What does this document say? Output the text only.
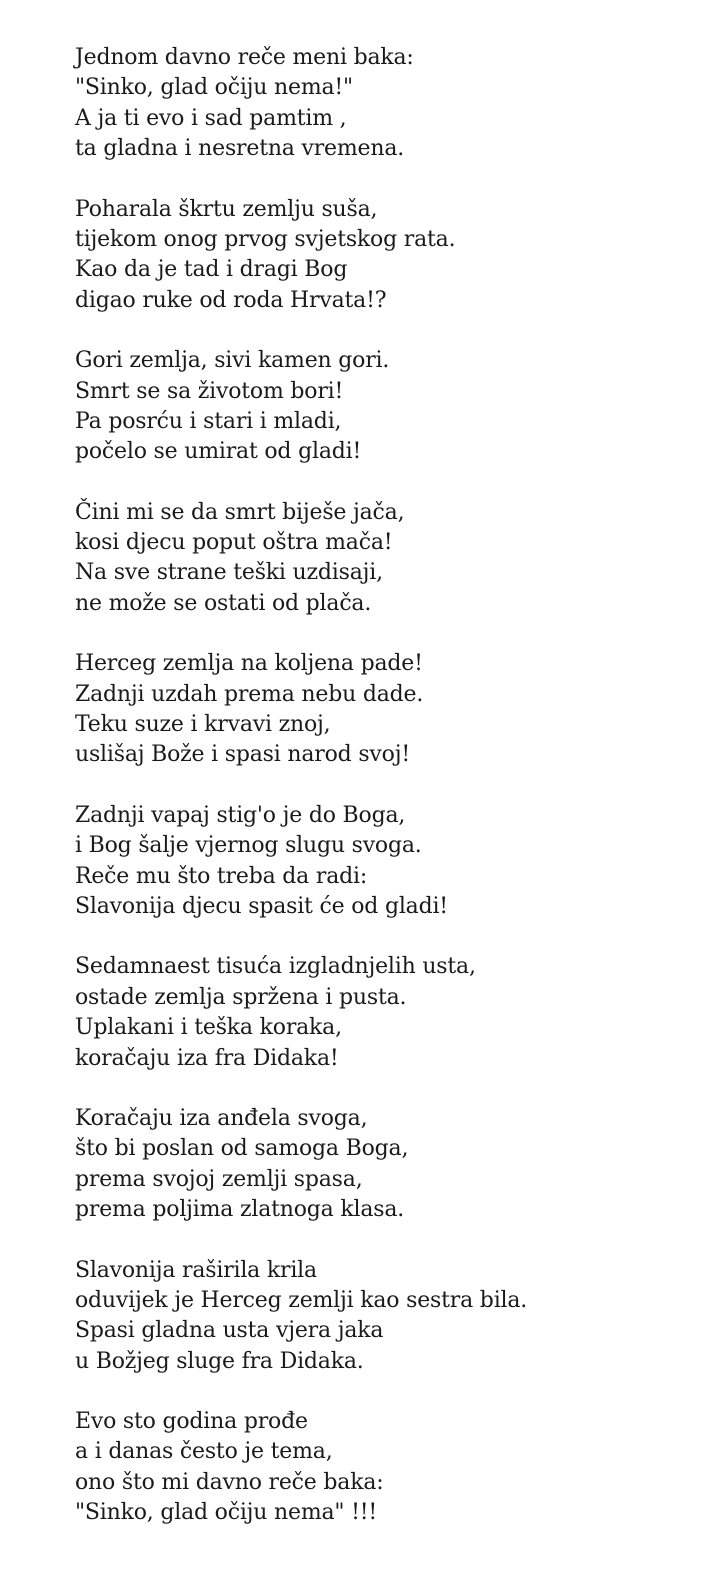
Jednom davno reče meni baka:
"Sinko, glad očiju nema!"
A ja ti evo i sad pamtim ,
ta gladna i nesretna vremena.
Poharala škrtu zemlju suša,
tijekom onog prvog svjetskog rata.
Kao da je tad i dragi Bog
digao ruke od roda Hrvata!?
Gori zemlja, sivi kamen gori.
Smrt se sa životom bori!
Pa posrću i stari i mladi,
počelo se umirat od gladi!
Čini mi se da smrt biješe jača,
kosi djecu poput oštra mača!
Na sve strane teški uzdisaji,
ne može se ostati od plača.
Herceg zemlja na koljena pade!
Zadnji uzdah prema nebu dade.
Teku suze i krvavi znoj,
uslišaj Bože i spasi narod svoj!
Zadnji vapaj stig'o je do Boga,
i Bog šalje vjernog slugu svoga.
Reče mu što treba da radi:
Slavonija djecu spasit će od gladi!
Sedamnaest tisuća izgladnjelih usta,
ostade zemlja spržena i pusta.
Uplakani i teška koraka,
koračaju iza fra Didaka!
Koračaju iza anđela svoga,
što bi poslan od samoga Boga,
prema svojoj zemlji spasa,
prema poljima zlatnoga klasa.
Slavonija raširila krila
oduvijek je Herceg zemlji kao sestra bila.
Spasi gladna usta vjera jaka
u Božjeg sluge fra Didaka.
Evo sto godina prođe
a i danas često je tema,
ono što mi davno reče baka:
"Sinko, glad očiju nema" !!!
